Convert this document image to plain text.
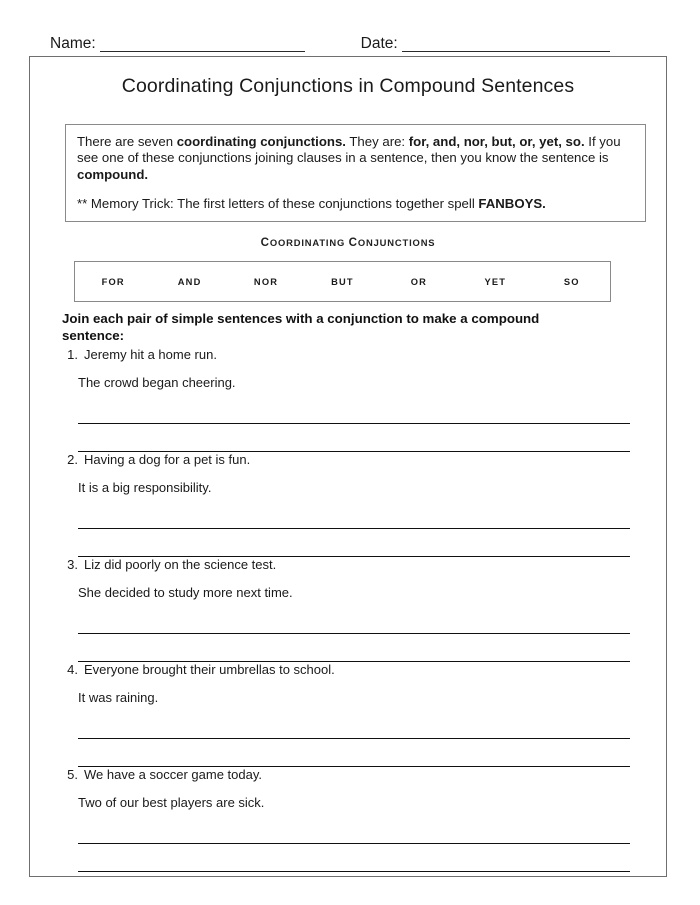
Name:	Date:
Coordinating Conjunctions in Compound Sentences

There are seven coordinating conjunctions. They are: for, and, nor, but, or, yet, so. If you see one of these conjunctions joining clauses in a sentence, then you know the sentence is compound.

** Memory Trick: The first letters of these conjunctions together spell FANBOYS.

COORDINATING CONJUNCTIONS
FOR	AND	NOR	BUT	OR	YET	SO
Join each pair of simple sentences with a conjunction to make a compound sentence:
1. Jeremy hit a home run.
The crowd began cheering.
2. Having a dog for a pet is fun.
It is a big responsibility.
3. Liz did poorly on the science test.
She decided to study more next time.
4. Everyone brought their umbrellas to school.
It was raining.
5. We have a soccer game today.
Two of our best players are sick.
